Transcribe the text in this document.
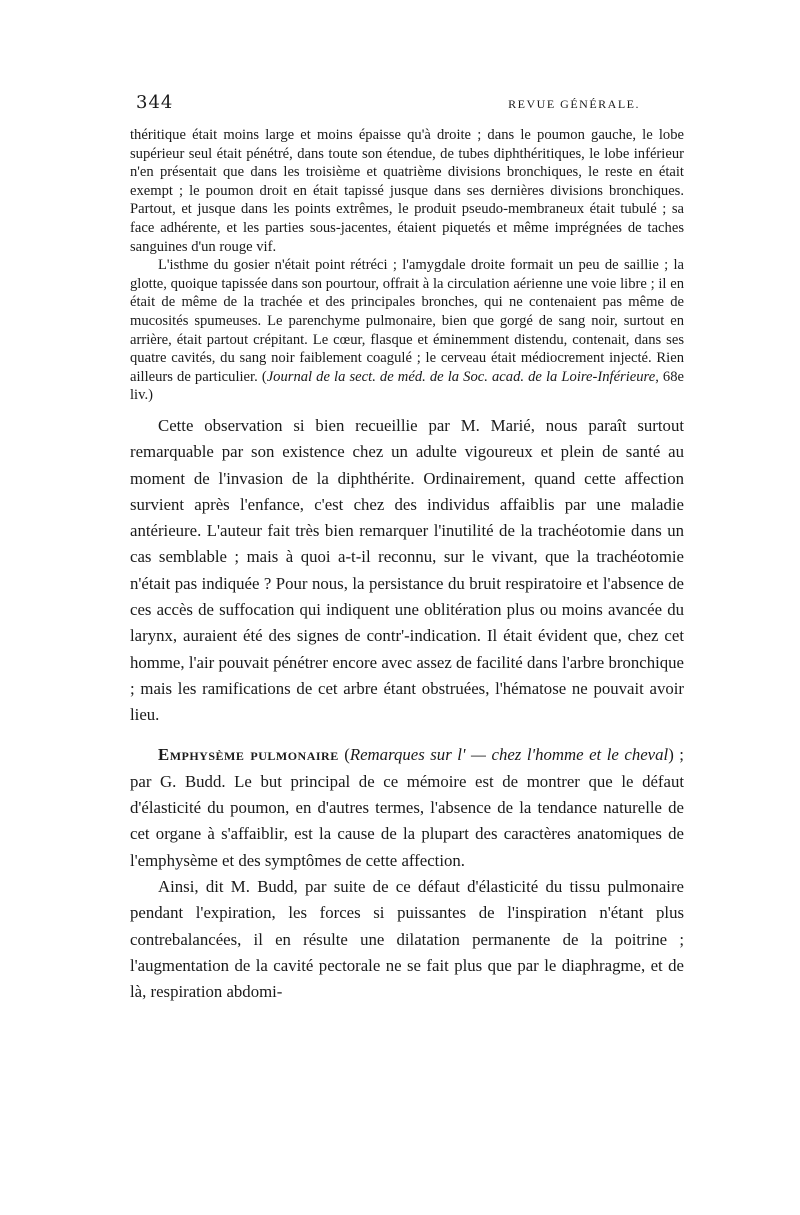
344	REVUE GÉNÉRALE.

théritique était moins large et moins épaisse qu'à droite ; dans le poumon gauche, le lobe supérieur seul était pénétré, dans toute son étendue, de tubes diphthéritiques, le lobe inférieur n'en présentait que dans les troisième et quatrième divisions bronchiques, le reste en était exempt ; le poumon droit en était tapissé jusque dans ses dernières divisions bronchiques. Partout, et jusque dans les points extrêmes, le produit pseudo-membraneux était tubulé ; sa face adhérente, et les parties sous-jacentes, étaient piquetés et même imprégnées de taches sanguines d'un rouge vif.

L'isthme du gosier n'était point rétréci ; l'amygdale droite formait un peu de saillie ; la glotte, quoique tapissée dans son pourtour, offrait à la circulation aérienne une voie libre ; il en était de même de la trachée et des principales bronches, qui ne contenaient pas même de mucosités spumeuses. Le parenchyme pulmonaire, bien que gorgé de sang noir, surtout en arrière, était partout crépitant. Le cœur, flasque et éminemment distendu, contenait, dans ses quatre cavités, du sang noir faiblement coagulé ; le cerveau était médiocrement injecté. Rien ailleurs de particulier. (Journal de la sect. de méd. de la Soc. acad. de la Loire-Inférieure, 68e liv.)

Cette observation si bien recueillie par M. Marié, nous paraît surtout remarquable par son existence chez un adulte vigoureux et plein de santé au moment de l'invasion de la diphthérite. Ordinairement, quand cette affection survient après l'enfance, c'est chez des individus affaiblis par une maladie antérieure. L'auteur fait très bien remarquer l'inutilité de la trachéotomie dans un cas semblable ; mais à quoi a-t-il reconnu, sur le vivant, que la trachéotomie n'était pas indiquée ? Pour nous, la persistance du bruit respiratoire et l'absence de ces accès de suffocation qui indiquent une oblitération plus ou moins avancée du larynx, auraient été des signes de contr'-indication. Il était évident que, chez cet homme, l'air pouvait pénétrer encore avec assez de facilité dans l'arbre bronchique ; mais les ramifications de cet arbre étant obstruées, l'hématose ne pouvait avoir lieu.

Emphysème pulmonaire (Remarques sur l' — chez l'homme et le cheval) ; par G. Budd. Le but principal de ce mémoire est de montrer que le défaut d'élasticité du poumon, en d'autres termes, l'absence de la tendance naturelle de cet organe à s'affaiblir, est la cause de la plupart des caractères anatomiques de l'emphysème et des symptômes de cette affection.

Ainsi, dit M. Budd, par suite de ce défaut d'élasticité du tissu pulmonaire pendant l'expiration, les forces si puissantes de l'inspiration n'étant plus contrebalancées, il en résulte une dilatation permanente de la poitrine ; l'augmentation de la cavité pectorale ne se fait plus que par le diaphragme, et de là, respiration abdomi-
